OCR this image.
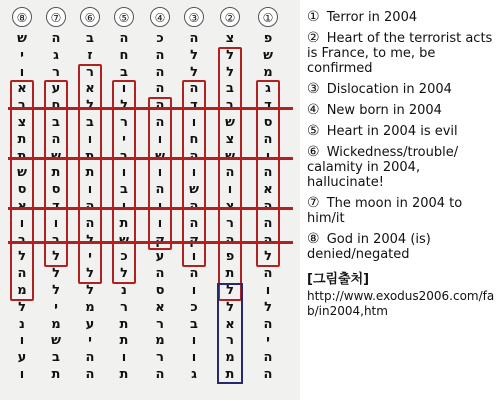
⑧	⑦	⑥	⑤	④	③	②	①
ש	ה	ב	ה	כ	ה	צ	פ
י	ג	ז	ח	ה	ל	ל	ש
ו	ר	ר	ב	ה	ל	ל	מ
א	ע	א	ו	ה	ה	ב	ג
ב	ח	ל	ל	ה	ד	ב	ד
צ	ב	ב	ר	ה	ו	ש	ס
ת	ה	ו	י	ו	ח	צ	ה
ת	ש	ת	ב	ש	ה	ש	ו
ש	ת	ת	ו	ו	ו	ה	ה
ס	ס	ו	ב	ה	ש	ו	א
א	ד	ה	ו	י	ה	צ	ה
ו	ו	ה	ת	ו	ה	ר	ה
ב	ב	ל	ש	ק	ק	ה	ה
ל	ל	י	כ	ע	ו	פ	ל
ה	ל	ל	ל	ה	ה	ת	ה
מ	ל	ל	נ	ס	ו	ל	ו
ל	י	מ	ר	א	כ	ל	ל
נ	מ	ע	ת	ר	ב	א	ה
ו	ש	י	ת	מ	ו	ר	י
ע	ב	ה	ו	ר	ו	מ	ה
ו	ת	ה	ת	ה	ג	ת	ה
① Terror in 2004
② Heart of the terrorist acts is France, to me, be confirmed
③ Dislocation in 2004
④ New born in 2004
⑤ Heart in 2004 is evil
⑥ Wickedness/trouble/ calamity in 2004, hallucinate!
⑦ The moon in 2004 to him/it
⑧ God in 2004 (is) denied/negated
[그림출처]
http://www.exodus2006.com/fab/in2004,htm
